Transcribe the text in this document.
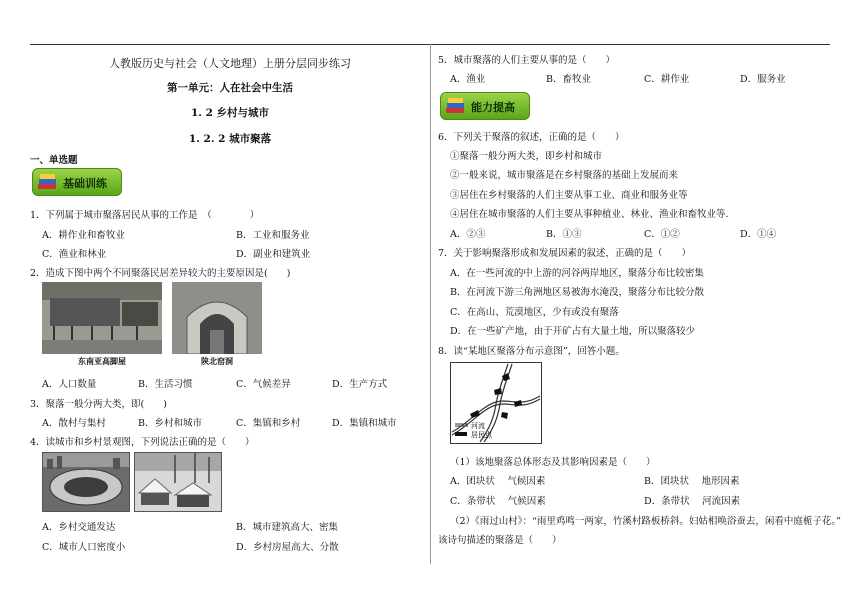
人教版历史与社会（人文地理）上册分层同步练习
第一单元：人在社会中生活
1. 2 乡村与城市
1. 2. 2 城市聚落
一、单选题
基础训练
1．下列属于城市聚落居民从事的工作是　（　　　　）
A．耕作业和畜牧业	B．工业和服务业
C．渔业和林业	D．副业和建筑业
2．造成下图中两个不同聚落民居差异较大的主要原因是(　　)
东南亚高脚屋	陕北窑洞
A．人口数量	B．生活习惯	C．气候差异	D．生产方式
3．聚落一般分两大类，即(　　)
A．散村与集村	B．乡村和城市	C．集镇和乡村	D．集镇和城市
4．读城市和乡村景观图，下列说法正确的是（　　）
A．乡村交通发达	B．城市建筑高大、密集
C．城市人口密度小	D．乡村房屋高大、分散
5．城市聚落的人们主要从事的是（　　）
A．渔业	B．畜牧业	C．耕作业	D．服务业
能力提高
6．下列关于聚落的叙述，正确的是（　　）
①聚落一般分两大类，即乡村和城市
②一般来说，城市聚落是在乡村聚落的基础上发展而来
③居住在乡村聚落的人们主要从事工业、商业和服务业等
④居住在城市聚落的人们主要从事种植业、林业、渔业和畜牧业等.
A．②③	B．①③	C．①②	D．①④
7．关于影响聚落形成和发展因素的叙述，正确的是（　　）
A．在一些河流的中上游的河谷两岸地区，聚落分布比较密集
B．在河流下游三角洲地区易被海水淹没，聚落分布比较分散
C．在高山、荒漠地区，少有或没有聚落
D．在一些矿产地，由于开矿占有大量土地，所以聚落较少
8．读“某地区聚落分布示意图”，回答小题。
河流
居民点
（1）该地聚落总体形态及其影响因素是（　　）
A．团块状　 气候因素	B．团块状　 地形因素
C．条带状　 气候因素	D．条带状　 河流因素
（2）《雨过山村》：“雨里鸡鸣一两家，竹溪村路板桥斜。妇姑相唤浴蚕去，闲看中庭栀子花。”
该诗句描述的聚落是（　　）
